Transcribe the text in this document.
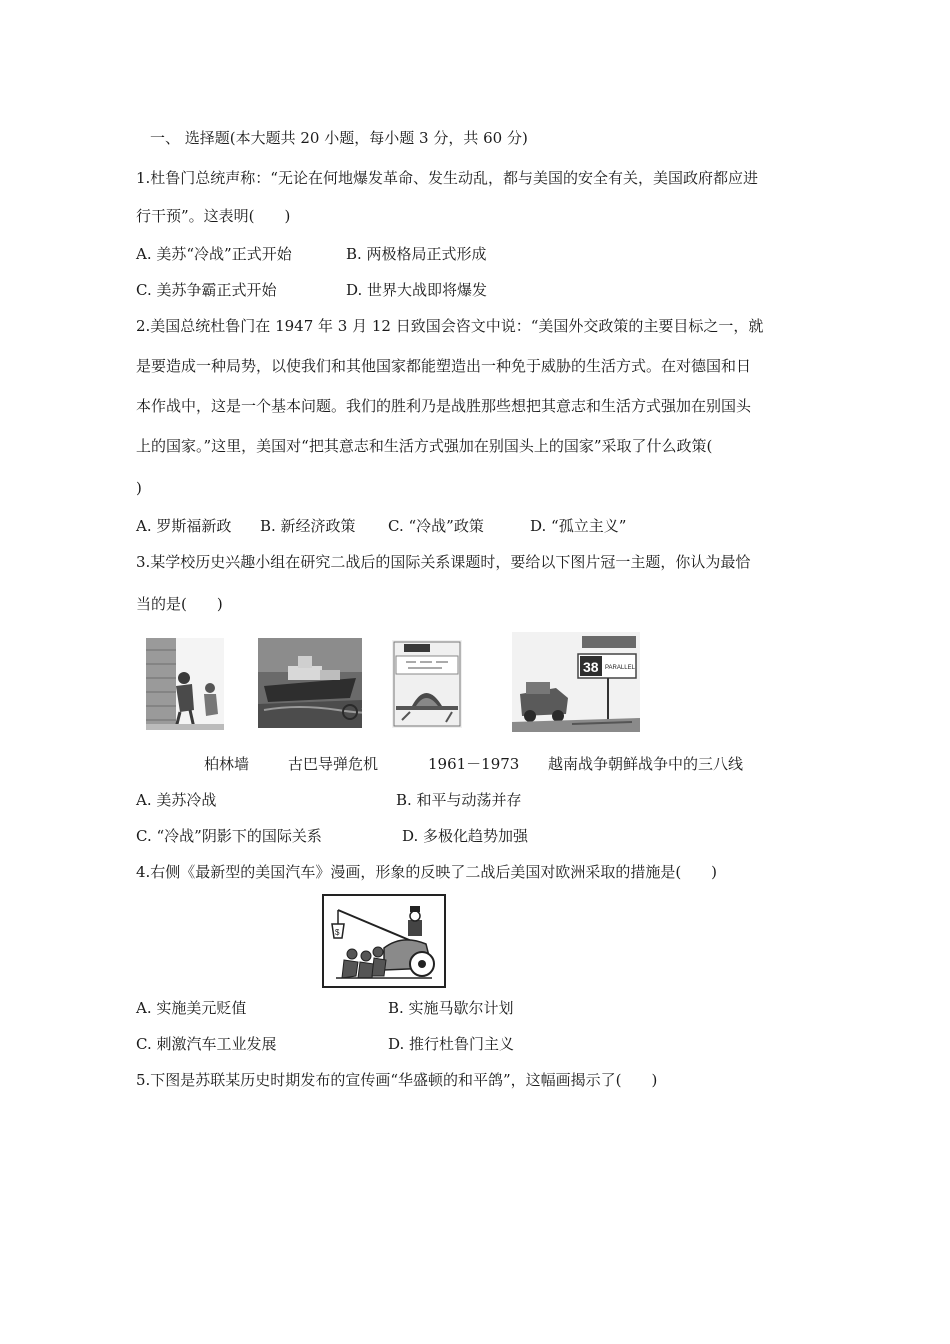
一、 选择题(本大题共 20 小题，每小题 3 分，共 60 分)
1.杜鲁门总统声称：“无论在何地爆发革命、发生动乱，都与美国的安全有关，美国政府都应进
行干预”。这表明(　　)
A. 美苏“冷战”正式开始	B. 两极格局正式形成
C. 美苏争霸正式开始	D. 世界大战即将爆发
2.美国总统杜鲁门在 1947 年 3 月 12 日致国会咨文中说：“美国外交政策的主要目标之一，就
是要造成一种局势，以使我们和其他国家都能塑造出一种免于威胁的生活方式。在对德国和日
本作战中，这是一个基本问题。我们的胜利乃是战胜那些想把其意志和生活方式强加在别国头
上的国家。”这里，美国对“把其意志和生活方式强加在别国头上的国家”采取了什么政策(
)
A. 罗斯福新政 B. 新经济政策 C. “冷战”政策	D. “孤立主义”
3.某学校历史兴趣小组在研究二战后的国际关系课题时，要给以下图片冠一主题，你认为最恰
当的是(　　)
38 PARALLEL
柏林墙	古巴导弹危机	1961－1973 越南战争朝鲜战争中的三八线
A. 美苏冷战	B. 和平与动荡并存
C. “冷战”阴影下的国际关系	D. 多极化趋势加强
4.右侧《最新型的美国汽车》漫画，形象的反映了二战后美国对欧洲采取的措施是(　　)
$
A. 实施美元贬值	B. 实施马歇尔计划
C. 刺激汽车工业发展	D. 推行杜鲁门主义
5.下图是苏联某历史时期发布的宣传画“华盛顿的和平鸽”，这幅画揭示了(　　)
